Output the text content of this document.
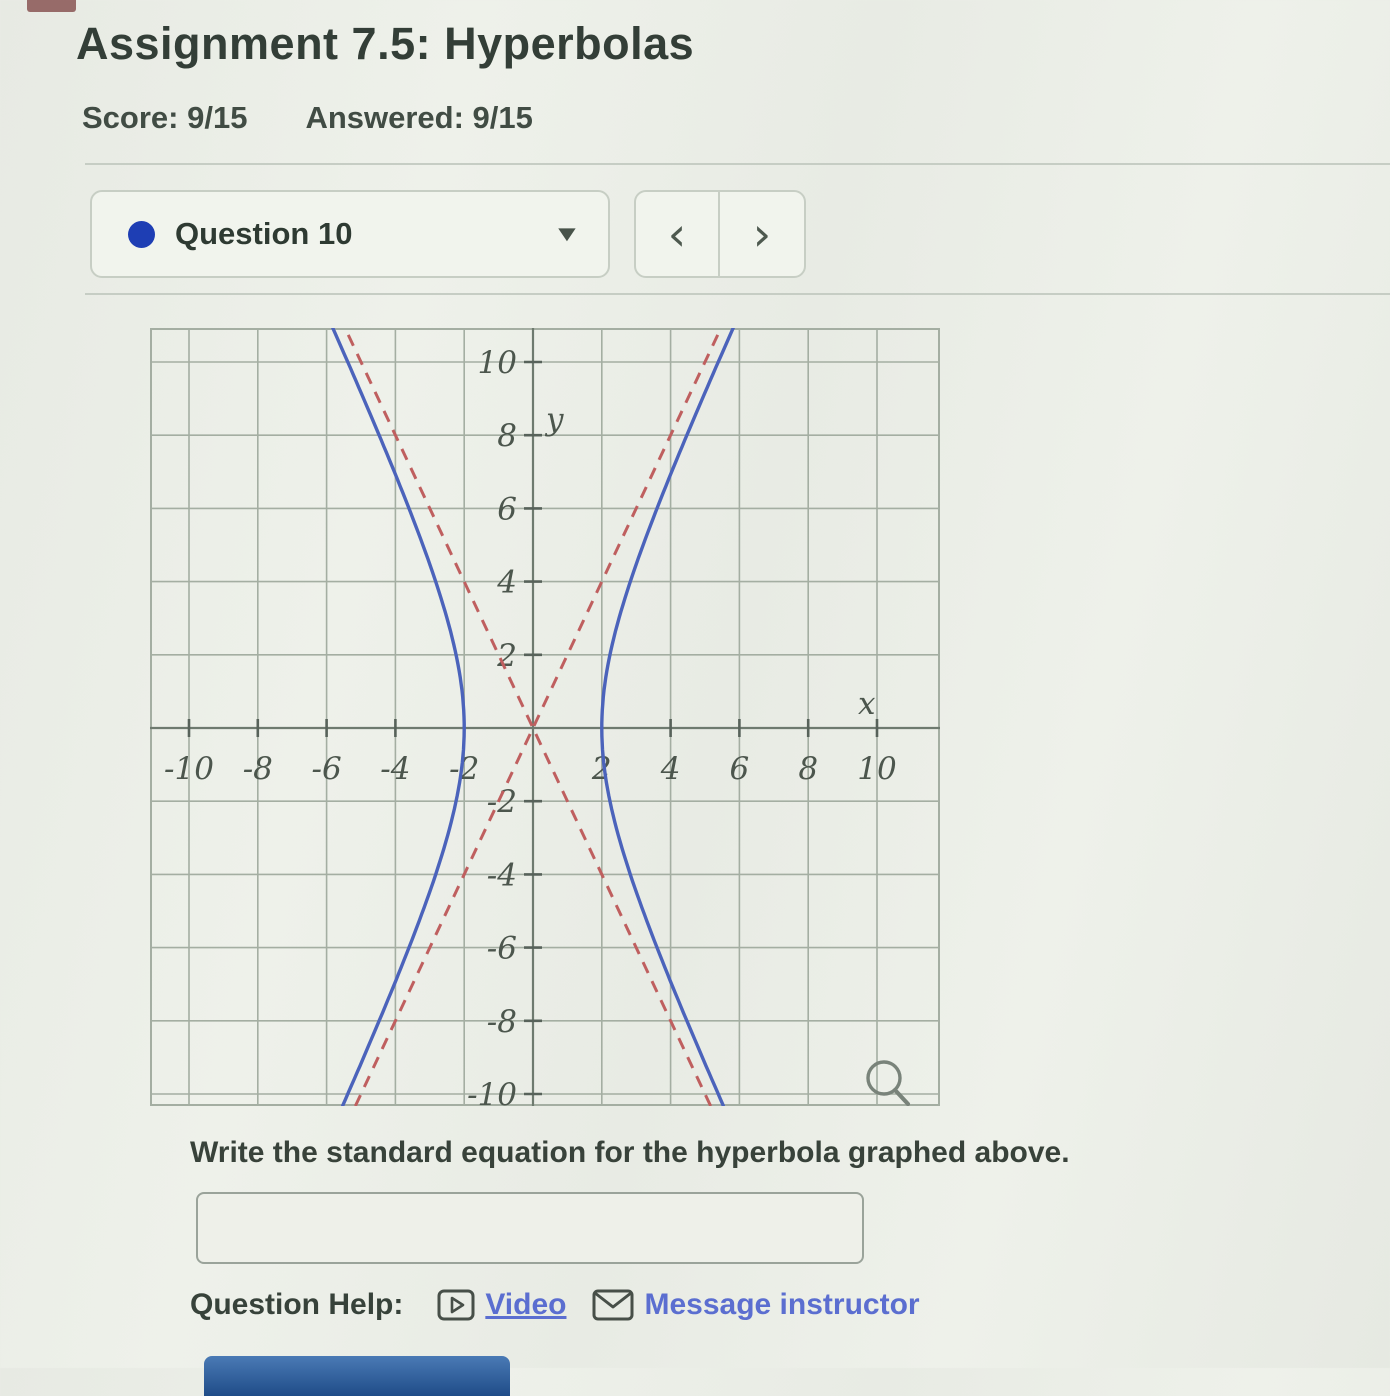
Assignment 7.5: Hyperbolas
Score: 9/15 Answered: 9/15
Question 10	▼ ‹ ›
-10 -8 -6 -4 -2	2 4 6 8 10
-10
-8
-6
-4
-2
2
4
6
8
10
x
y
Write the standard equation for the hyperbola graphed above.
Question Help:	Video	Message instructor
